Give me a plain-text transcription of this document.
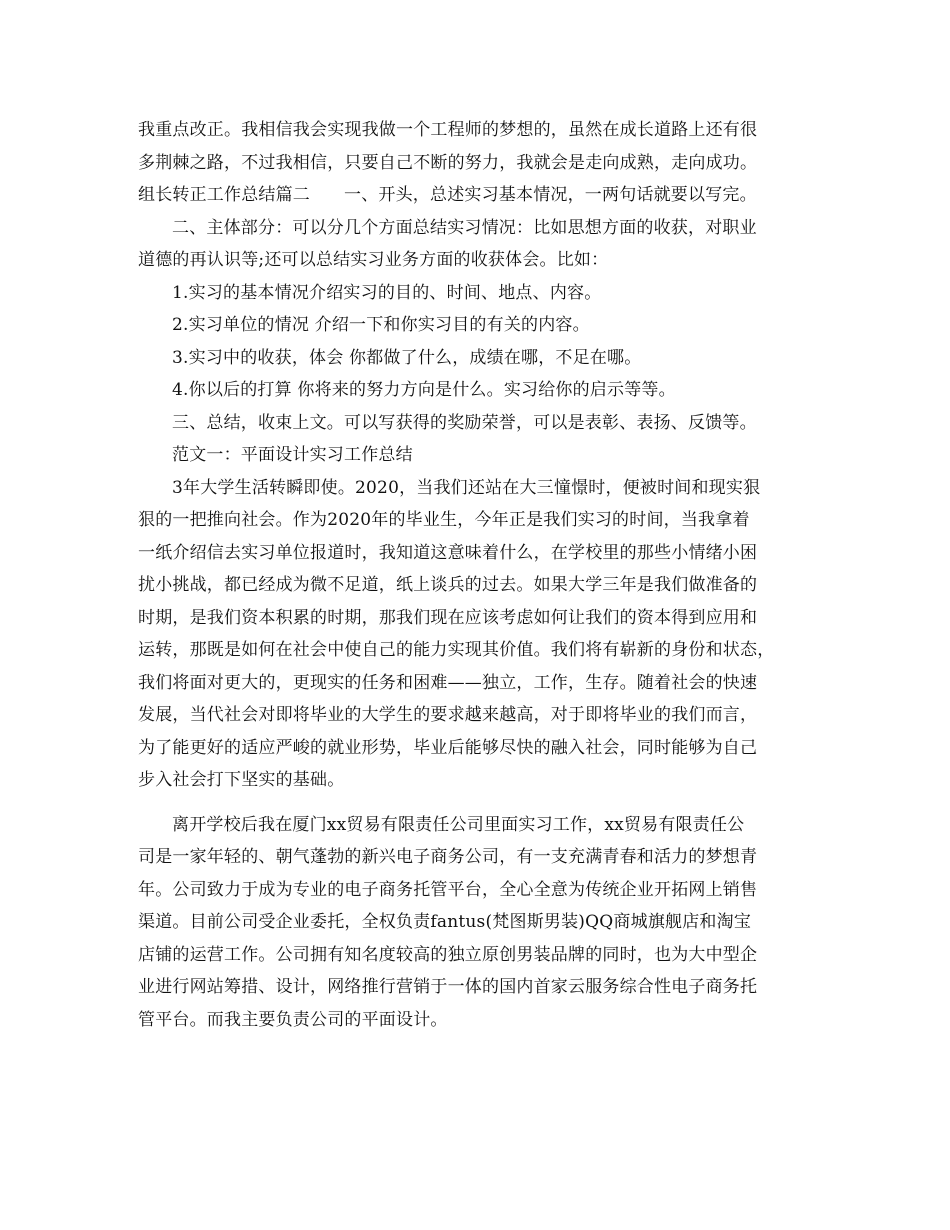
我重点改正。我相信我会实现我做一个工程师的梦想的，虽然在成长道路上还有很
多荆棘之路，不过我相信，只要自己不断的努力，我就会是走向成熟，走向成功。
组长转正工作总结篇二 一、开头，总述实习基本情况，一两句话就要以写完。
二、主体部分：可以分几个方面总结实习情况：比如思想方面的收获，对职业
道德的再认识等;还可以总结实习业务方面的收获体会。比如：
1.实习的基本情况介绍实习的目的、时间、地点、内容。
2.实习单位的情况 介绍一下和你实习目的有关的内容。
3.实习中的收获，体会 你都做了什么，成绩在哪，不足在哪。
4.你以后的打算 你将来的努力方向是什么。实习给你的启示等等。
三、总结，收束上文。可以写获得的奖励荣誉，可以是表彰、表扬、反馈等。
范文一：平面设计实习工作总结
3年大学生活转瞬即使。2020，当我们还站在大三憧憬时，便被时间和现实狠
狠的一把推向社会。作为2020年的毕业生，今年正是我们实习的时间，当我拿着
一纸介绍信去实习单位报道时，我知道这意味着什么，在学校里的那些小情绪小困
扰小挑战，都已经成为微不足道，纸上谈兵的过去。如果大学三年是我们做准备的
时期，是我们资本积累的时期，那我们现在应该考虑如何让我们的资本得到应用和
运转，那既是如何在社会中使自己的能力实现其价值。我们将有崭新的身份和状态，
我们将面对更大的，更现实的任务和困难——独立，工作，生存。随着社会的快速
发展，当代社会对即将毕业的大学生的要求越来越高，对于即将毕业的我们而言，
为了能更好的适应严峻的就业形势，毕业后能够尽快的融入社会，同时能够为自己
步入社会打下坚实的基础。
离开学校后我在厦门xx贸易有限责任公司里面实习工作，xx贸易有限责任公
司是一家年轻的、朝气蓬勃的新兴电子商务公司，有一支充满青春和活力的梦想青
年。公司致力于成为专业的电子商务托管平台，全心全意为传统企业开拓网上销售
渠道。目前公司受企业委托，全权负责fantus(梵图斯男装)QQ商城旗舰店和淘宝
店铺的运营工作。公司拥有知名度较高的独立原创男装品牌的同时，也为大中型企
业进行网站筹措、设计，网络推行营销于一体的国内首家云服务综合性电子商务托
管平台。而我主要负责公司的平面设计。
